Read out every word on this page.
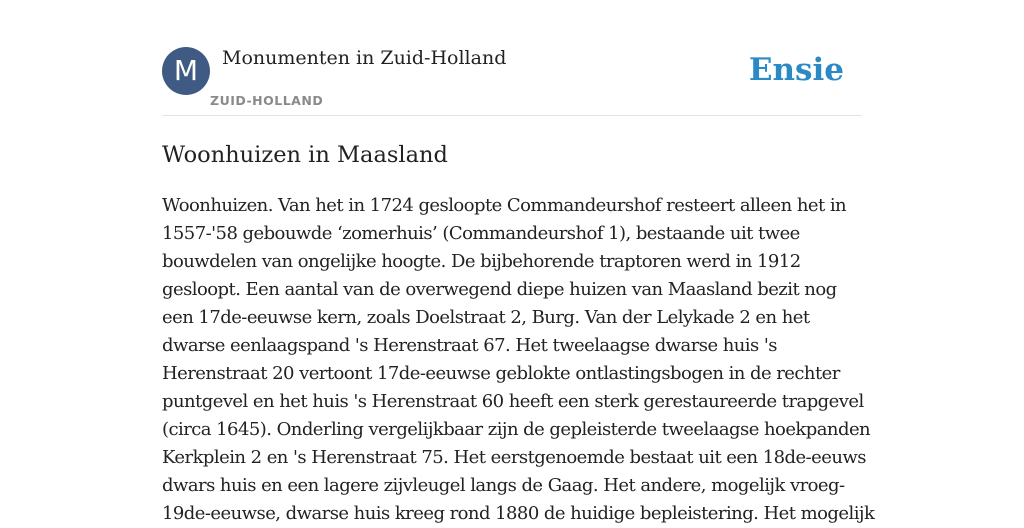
M	Monumenten in Zuid-Holland
ZUID-HOLLAND
Ensie
Woonhuizen in Maasland
Woonhuizen. Van het in 1724 gesloopte Commandeurshof resteert alleen het in
1557-'58 gebouwde ‘zomerhuis’ (Commandeurshof 1), bestaande uit twee
bouwdelen van ongelijke hoogte. De bijbehorende traptoren werd in 1912
gesloopt. Een aantal van de overwegend diepe huizen van Maasland bezit nog
een 17de-eeuwse kern, zoals Doelstraat 2, Burg. Van der Lelykade 2 en het
dwarse eenlaagspand 's Herenstraat 67. Het tweelaagse dwarse huis 's
Herenstraat 20 vertoont 17de-eeuwse geblokte ontlastingsbogen in de rechter
puntgevel en het huis 's Herenstraat 60 heeft een sterk gerestaureerde trapgevel
(circa 1645). Onderling vergelijkbaar zijn de gepleisterde tweelaagse hoekpanden
Kerkplein 2 en 's Herenstraat 75. Het eerstgenoemde bestaat uit een 18de-eeuws
dwars huis en een lagere zijvleugel langs de Gaag. Het andere, mogelijk vroeg-
19de-eeuwse, dwarse huis kreeg rond 1880 de huidige bepleistering. Het mogelijk
